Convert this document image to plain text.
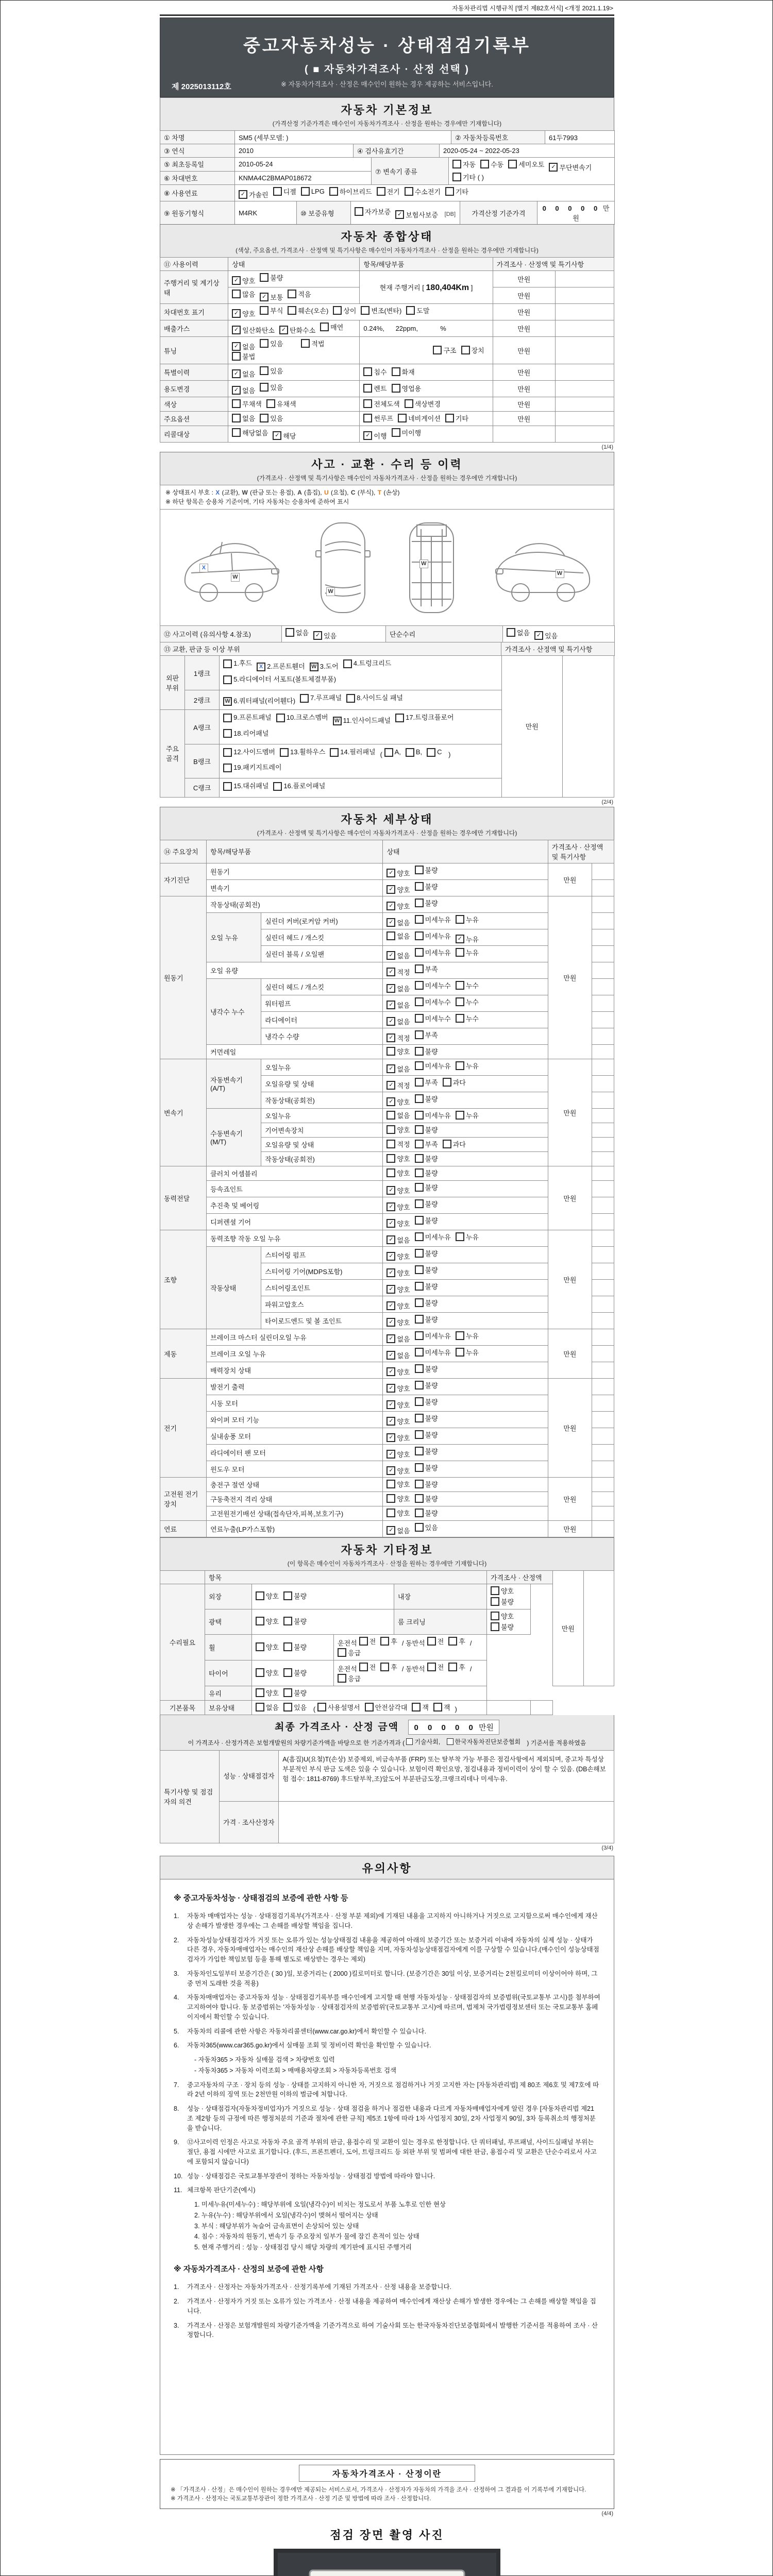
자동차관리법 시행규칙 [별지 제82호서식] <개정 2021.1.19>
중고자동차성능 · 상태점검기록부
( ■ 자동차가격조사 · 산정 선택 )
※ 자동차가격조사 · 산정은 매수인이 원하는 경우 제공하는 서비스입니다.
제 2025013112호
자동차 기본정보
(가격산정 기준가격은 매수인이 자동차가격조사 · 산정을 원하는 경우에만 기재합니다)
① 차명	SM5 (세부모델: )	② 자동차등록번호	61두7993
③ 연식	2010	④ 검사유효기간	2020-05-24 ~ 2022-05-23
⑤ 최초등록일	2010-05-24	⑦ 변속기 종류	
자동 수동 세미오토	✓ 무단변속기
기타 ( )

⑥ 차대번호	KNMA4C2BMAP018672		
⑧ 사용연료	✓ 가솔린 디젤 LPG 하이브리드 전기 수소전기 기타
⑨ 원동기형식	M4RK	⑩ 보증유형	자가보증	✓ 보험사보증 [DB]	가격산정 기준가격	0 0 0 0 0 만원
자동차 종합상태
(색상, 주요옵션, 가격조사 · 산정액 및 특기사항은 매수인이 자동차가격조사 · 산정을 원하는 경우에만 기재합니다)
⑪ 사용이력	상태	항목/해당부품	가격조사 · 산정액 및 특기사항	
주행거리 및 계기상태	✓ 양호 불량	현재 주행거리 [ 180,404Km ]	만원	

	많음 ✓ 보통 적음		만원	
차대번호 표기	✓ 양호 부식 훼손(오손) 상이 변조(변타) 도말	만원	
배출가스	✓ 일산화탄소 ✓ 탄화수소 매연	0.24%,      22ppm,            %	만원	
튜닝	✓ 없음 있음 적법
불법	구조 장치	만원	
특별이력	✓ 없음 있음	침수 화재	만원	
용도변경	✓ 없음 있음	렌트 영업용	만원	
색상	무채색 유채색	전체도색 색상변경	만원	
주요옵션	없음 있음	썬루프 네비게이션 기타	만원	
리콜대상	해당없음 ✓ 해당	✓ 이행 미이행		

(1/4)
사고 · 교환 · 수리 등 이력
(가격조사 · 산정액 및 특기사항은 매수인이 자동차가격조사 · 산정을 원하는 경우에만 기재합니다)
※ 상태표시 부호 : X (교환), W (판금 또는 용접), A (흠집), U (요철), C (부식), T (손상)
※ 하단 항목은 승용차 기준이며, 기타 자동차는 승용차에 준하여 표시
X
W
W
W
W
⑫ 사고이력 (유의사항 4.참조)	없음	✓ 있음	단순수리	없음	✓ 있음
⑬ 교환, 판금 등 이상 부위	가격조사 · 산정액 및 특기사항
외판
부위	1랭크	
1.후드	X 2.프론트휀더 W 3.도어 4.트렁크리드

5.라디에이터 서포트(볼트체결부품)
	만원	
	2랭크	W 6.쿼터패널(리어휀다) 7.루프패널 8.사이드실 패널		

주요
골격	A랭크	
9.프론트패널 10.크로스멤버 W 11.인사이드패널 17.트렁크플로어

18.리어패널

B랭크	
12.사이드멤버 13.휠하우스 14.필러패널 ( A, B, C )

19.패키지트레이

	C랭크	15.대쉬패널 16.플로어패널		
(2/4)
자동차 세부상태
(가격조사 · 산정액 및 특기사항은 매수인이 자동차가격조사 · 산정을 원하는 경우에만 기재합니다)
⑭ 주요장치	항목/해당부품		상태	가격조사 · 산정액 및 특기사항	
자기진단	원동기		✓ 양호 불량	만원	
	변속기		✓ 양호 불량		

원동기	작동상태(공회전)		✓ 양호 불량	만원	
	오일 누유	실린더 커버(로커암 커버)	✓ 없음 미세누유 누유		

		실린더 헤드 / 개스킷	없음 미세누유 ✓ 누유		

		실린더 블록 / 오일팬	✓ 없음 미세누유 누유		

	오일 유량		✓ 적정 부족		

	냉각수 누수	실린더 헤드 / 개스킷	✓ 없음 미세누수 누수		

		워터펌프	✓ 없음 미세누수 누수		

		라디에이터	✓ 없음 미세누수 누수		

		냉각수 수량	✓ 적정 부족		

	커먼레일		양호 불량		

변속기	자동변속기 (A/T)	오일누유	✓ 없음 미세누유 누유	만원	
		오일유량 및 상태	✓ 적정 부족 과다		

		작동상태(공회전)	✓ 양호 불량		

	수동변속기 (M/T)	오일누유	없음 미세누유 누유		

		기어변속장치	양호 불량		

		오일유량 및 상태	적정 부족 과다		

		작동상태(공회전)	양호 불량		

동력전달	클러치 어셈블리		양호 불량	만원	
	등속죠인트		✓ 양호 불량		

	추진축 및 베어링		✓ 양호 불량		

	디퍼렌셜 기어		✓ 양호 불량		

조향	동력조향 작동 오일 누유		✓ 없음 미세누유 누유	만원	
	작동상태	스티어링 펌프	✓ 양호 불량		

		스티어링 기어(MDPS포함)	✓ 양호 불량		

		스티어링조인트	✓ 양호 불량		

		파워고압호스	✓ 양호 불량		

		타이로드엔드 및 볼 조인트	✓ 양호 불량		

제동	브레이크 마스터 실린더오일 누유		✓ 없음 미세누유 누유	만원	
	브레이크 오일 누유		✓ 없음 미세누유 누유		

	배력장치 상태		✓ 양호 불량		

전기	발전기 출력		✓ 양호 불량	만원	
	시동 모터		✓ 양호 불량		

	와이퍼 모터 기능		✓ 양호 불량		

	실내송풍 모터		✓ 양호 불량		

	라디에이터 팬 모터		✓ 양호 불량		

	윈도우 모터		✓ 양호 불량		

고전원 전기장치	충전구 절연 상태		양호 불량	만원	
	구동축전지 격리 상태		양호 불량		

	고전원전기배선 상태(접속단자,피복,보호기구)		양호 불량		

연료	연료누출(LP가스포함)		✓ 없음 있음	만원	
자동차 기타정보
(이 항목은 매수인이 자동차가격조사 · 산정을 원하는 경우에만 기재합니다)
	항목				가격조사 · 산정액		만원	
수리필요	외장	양호 불량		내장	양호
불량			

	광택	양호 불량		룸 크리닝	양호
불량			

휠	양호 불량
	운전석 전 후 / 동반석 전 후 /
응급

타이어	양호 불량
	운전석 전 후 / 동반석 전 후 /
응급

	유리	양호 불량						

기본품목	보유상태	없음 있음 ( 사용설명서 안전삼각대 잭 잭 )		
최종 가격조사 · 산정 금액 0 0 0 0 0 만원
이 가격조사 · 산정가격은 보험개발원의 차량기준가액을 바탕으로 한 기준가격과 ( 기술사회,
한국자동차진단보증협회 ) 기준서를 적용하였음
특기사항 및 점검자의 의견	성능 · 상태점검자	A(흠집)U(요철)T(손상) 보증제외, 비금속부품 (FRP) 또는 탈부착 가능 부품은 점검사항에서 제외되며, 중고차 특성상 부분적인 부식 판금 도색은 있을 수 있습니다. 보험이력 확인요망, 점검내용과 정비이력이 상이 할 수 있음. (DB손해보험 접수: 1811-8769) 후드탈부착,조)앞도어 부분판금도장,크랭크리데나 미세누유.
	가격 · 조사산정자	
(3/4)
유의사항
※ 중고자동차성능 · 상태점검의 보증에 관한 사항 등
1.	자동차 매매업자는 성능 · 상태점검기록부(가격조사 · 산정 부분 제외)에 기재된 내용을 고지하지 아니하거나 거짓으로 고지함으로써 매수인에게 재산상 손해가 발생한 경우에는 그 손해를 배상할 책임을 집니다.
2.	자동차성능상태점검자가 거짓 또는 오류가 있는 성능상태점검 내용을 제공하여 아래의 보증기간 또는 보증거리 이내에 자동차의 실제 성능 · 상태가 다른 경우, 자동차매매업자는 매수인의 재산상 손해를 배상할 책임을 지며, 자동차성능상태점검자에게 이를 구상할 수 있습니다.(매수인이 성능상태점검자가 가입한 책임보험 등을 통해 별도로 배상받는 경우는 제외)
3.	자동차인도일부터 보증기간은 ( 30 )일, 보증거리는 ( 2000 )킬로미터로 합니다. (보증기간은 30일 이상, 보증거리는 2천킬로미터 이상이어야 하며, 그 중 먼저 도래한 것을 적용)
4.	자동차매매업자는 중고자동차 성능 · 상태점검기록부를 매수인에게 고지할 때 현행 자동차성능 · 상태점검자의 보증범위(국토교통부 고시)를 첨부하여 고지하여야 합니다. 동 보증범위는 '자동차성능 · 상태점검자의 보증범위'(국토교통부 고시)에 따르며, 법제처 국가법령정보센터 또는 국토교통부 홈페이지에서 확인할 수 있습니다.
5.	자동차의 리콜에 관한 사항은 자동차리콜센터(www.car.go.kr)에서 확인할 수 있습니다.
6.	자동차365(www.car365.go.kr)에서 실매물 조회 및 정비이력 확인을 확인할 수 있습니다.
- 자동차365 > 자동차 실매물 검색 > 차량번호 입력
- 자동차365 > 자동차 이력조회 > 매매용차량조회 > 자동차등록번호 검색
7.	중고자동차의 구조 · 장치 등의 성능 · 상태를 고지하지 아니한 자, 거짓으로 점검하거나 거짓 고지한 자는 [자동차관리법] 제 80조 제6호 및 제7호에 따라 2년 이하의 징역 또는 2천만원 이하의 벌금에 처합니다.
8.	성능 · 상태점검자(자동차정비업자)가 거짓으로 성능 · 상태 점검을 하거나 점검한 내용과 다르게 자동차매매업자에게 알린 경우 [자동차관리법 제21조 제2항 등의 규정에 따른 행정처분의 기준과 절차에 관한 규칙] 제5조 1항에 따라 1차 사업정지 30일, 2차 사업정지 90일, 3차 등록취소의 행정처분을 받습니다.
9.	⑫사고이력 인정은 사고로 자동차 주요 골격 부위의 판금, 용접수리 및 교환이 있는 경우로 한정합니다. 단 쿼터패널, 루프패널, 사이드실패널 부위는 절단, 용접 시에만 사고로 표기합니다. (후드, 프론트펜더, 도어, 트렁크리드 등 외판 부위 및 범퍼에 대한 판금, 용접수리 및 교환은 단순수리로서 사고에 포함되지 않습니다)
10. 성능 · 상태점검은 국토교통부장관이 정하는 자동차성능 · 상태점검 방법에 따라야 합니다.
11. 체크항목 판단기준(예시)
1. 미세누유(미세누수) : 해당부위에 오일(냉각수)이 비치는 정도로서 부품 노후로 인한 현상
2. 누유(누수) : 해당부위에서 오일(냉각수)이 맺혀서 떨어지는 상태
3. 부식 : 해당부위가 녹슬어 금속표면이 손상되어 있는 상태
4. 침수 : 자동차의 원동기, 변속기 등 주요장치 일부가 물에 잠긴 흔적이 있는 상태
5. 현재 주행거리 : 성능 · 상태점검 당시 해당 차량의 계기판에 표시된 주행거리
※ 자동차가격조사 · 산정의 보증에 관한 사항
1.	가격조사 · 산정자는 자동차가격조사 · 산정기록부에 기재된 가격조사 · 산정 내용을 보증합니다.
2.	가격조사 · 산정자가 거짓 또는 오류가 있는 가격조사 · 산정 내용을 제공하여 매수인에게 재산상 손해가 발생한 경우에는 그 손해를 배상할 책임을 집니다.
3.	가격조사 · 산정은 보험개발원의 차량기준가액을 기준가격으로 하여 기술사회 또는 한국자동차진단보증협회에서 발행한 기준서를 적용하여 조사 · 산정합니다.
자동차가격조사 · 산정이란
※ 「가격조사 · 산정」은 매수인이 원하는 경우에만 제공되는 서비스로서, 가격조사 · 산정자가 자동차의 가격을 조사 · 산정하여 그 결과를 이 기록부에 기재합니다.
※ 가격조사 · 산정자는 국토교통부장관이 정한 가격조사 · 산정 기준 및 방법에 따라 조사 · 산정합니다.
(4/4)
점검 장면 촬영 사진
